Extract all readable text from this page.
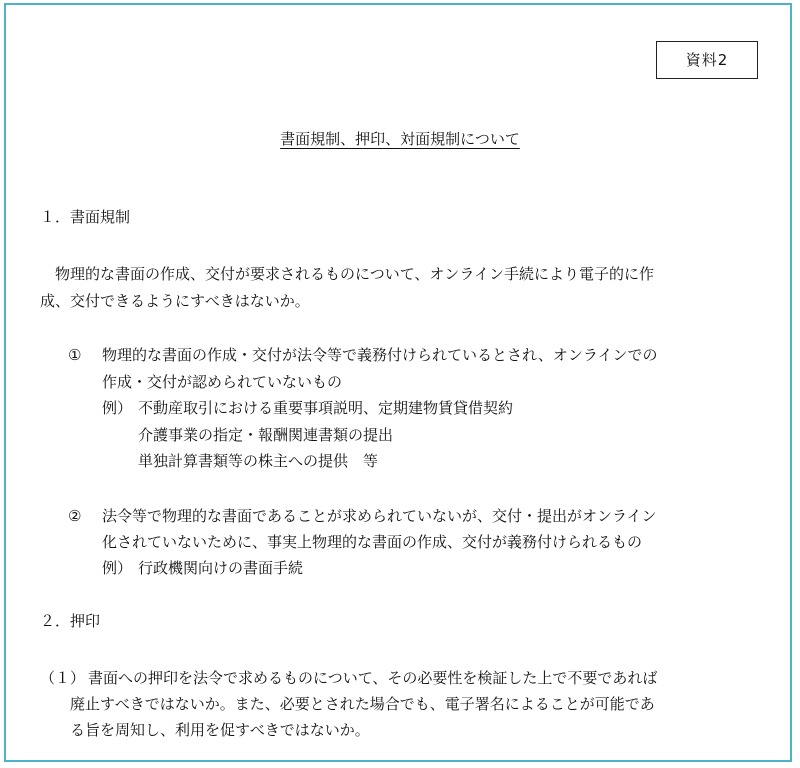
資料2
書面規制、押印、対面規制について
１．書面規制
物理的な書面の作成、交付が要求されるものについて、オンライン手続により電子的に作
成、交付できるようにすべきはないか。
① 物理的な書面の作成・交付が法令等で義務付けられているとされ、オンラインでの
作成・交付が認められていないもの
例） 不動産取引における重要事項説明、定期建物賃貸借契約
介護事業の指定・報酬関連書類の提出
単独計算書類等の株主への提供　等
② 法令等で物理的な書面であることが求められていないが、交付・提出がオンライン
化されていないために、事実上物理的な書面の作成、交付が義務付けられるもの
例） 行政機関向けの書面手続
２．押印
（１） 書面への押印を法令で求めるものについて、その必要性を検証した上で不要であれば
廃止すべきではないか。また、必要とされた場合でも、電子署名によることが可能であ
る旨を周知し、利用を促すべきではないか。
